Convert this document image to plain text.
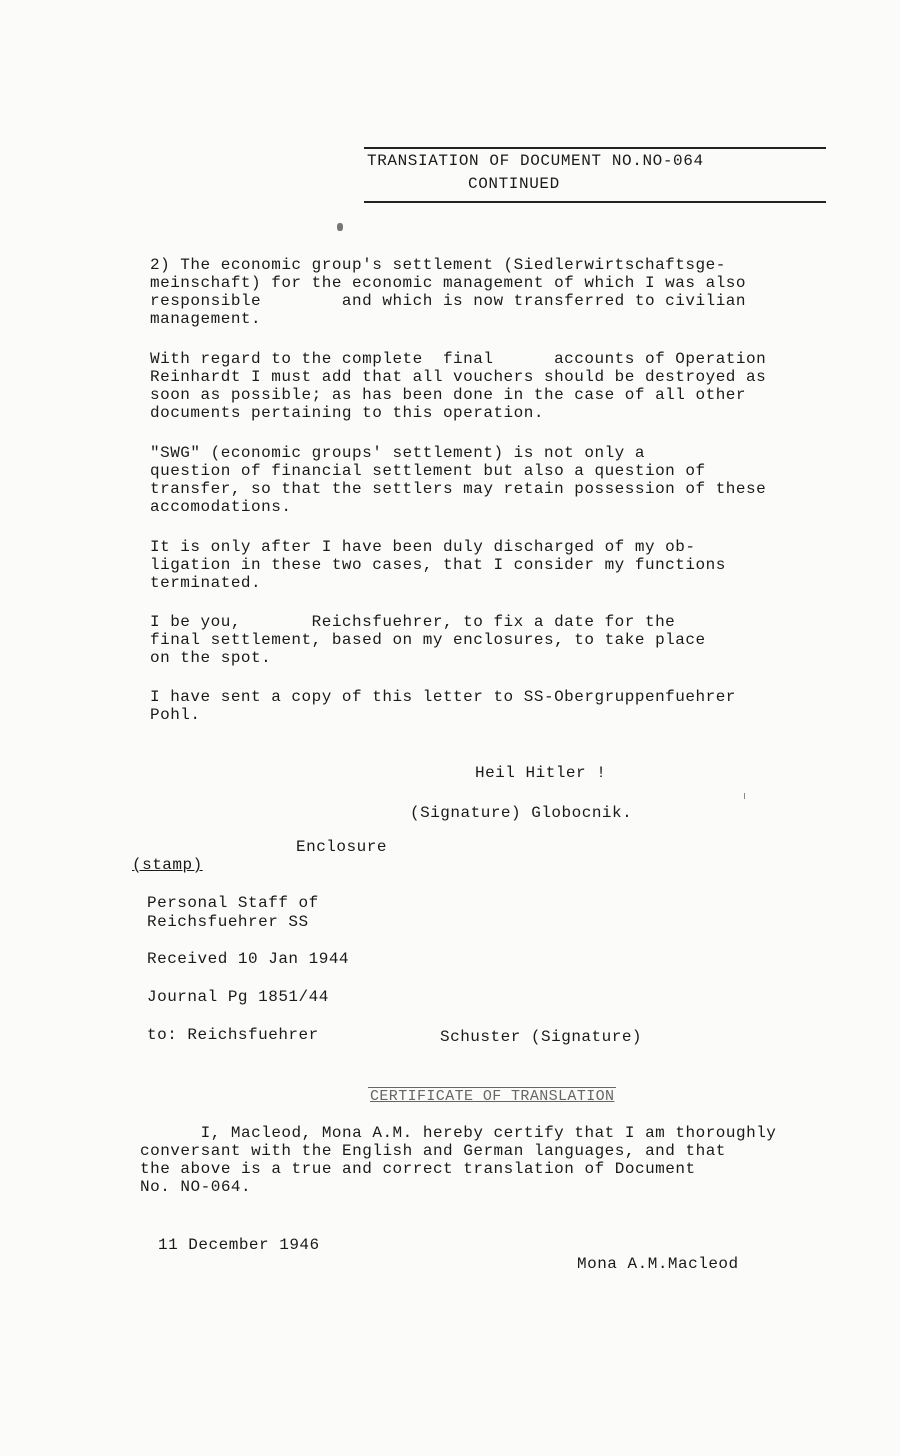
TRANSIATION OF DOCUMENT NO.NO-064
CONTINUED
2) The economic group's settlement (Siedlerwirtschaftsge-
meinschaft) for the economic management of which I was also
responsible        and which is now transferred to civilian
management.
With regard to the complete  final      accounts of Operation
Reinhardt I must add that all vouchers should be destroyed as
soon as possible; as has been done in the case of all other
documents pertaining to this operation.
"SWG" (economic groups' settlement) is not only a
question of financial settlement but also a question of
transfer, so that the settlers may retain possession of these
accomodations.
It is only after I have been duly discharged of my ob-
ligation in these two cases, that I consider my functions
terminated.
I be you,       Reichsfuehrer, to fix a date for the
final settlement, based on my enclosures, to take place
on the spot.
I have sent a copy of this letter to SS-Obergruppenfuehrer
Pohl.
Heil Hitler !
(Signature) Globocnik.
Enclosure
(stamp)
Personal Staff of
Reichsfuehrer SS
Received 10 Jan 1944
Journal Pg 1851/44
to: Reichsfuehrer	Schuster (Signature)
CERTIFICATE OF TRANSLATION
I, Macleod, Mona A.M. hereby certify that I am thoroughly
conversant with the English and German languages, and that
the above is a true and correct translation of Document
No. NO-064.
11 December 1946
Mona A.M.Macleod
